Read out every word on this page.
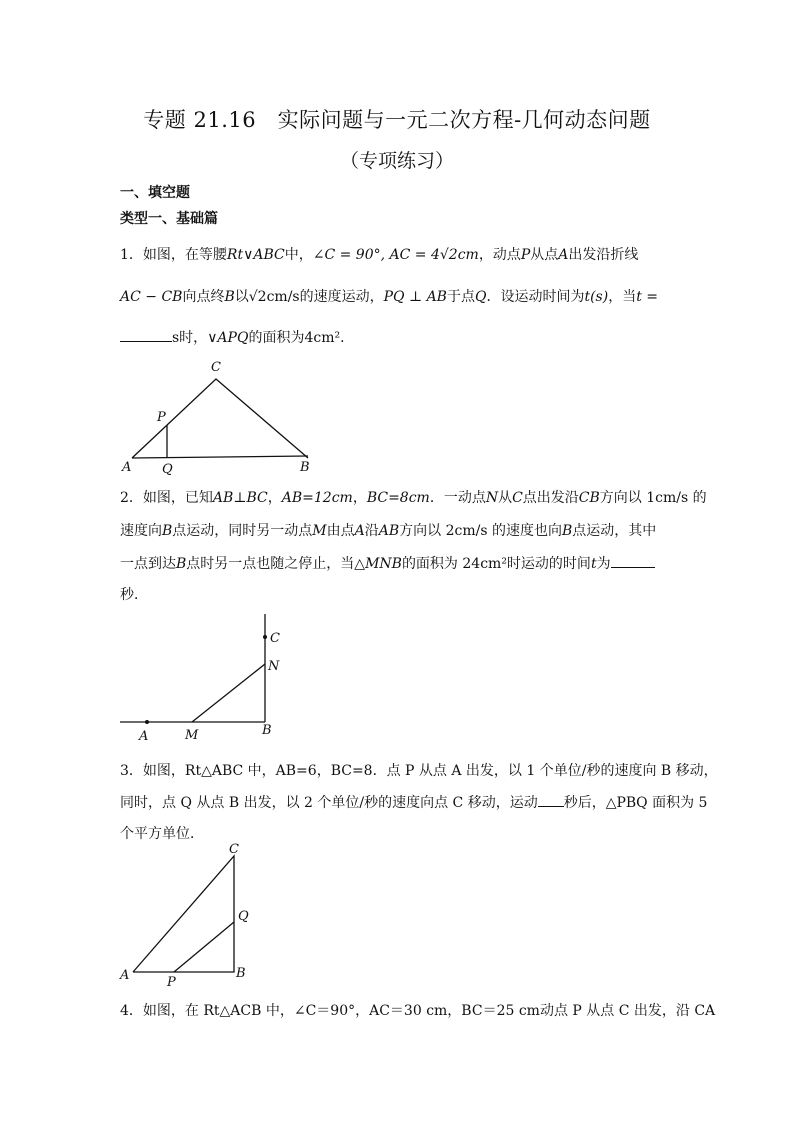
专题 21.16　实际问题与一元二次方程-几何动态问题
（专项练习）
一、填空题
类型一、基础篇
1．如图，在等腰Rt∨ABC中，∠C = 90°, AC = 4√2cm，动点P从点A出发沿折线
AC − CB向点终B以√2cm/s的速度运动，PQ ⊥ AB于点Q．设运动时间为t(s)，当t =
s时，∨APQ的面积为4cm²．
C
P
A Q	B
2．如图，已知AB⊥BC，AB=12cm，BC=8cm．一动点N从C点出发沿CB方向以 1cm/s 的
速度向B点运动，同时另一动点M由点A沿AB方向以 2cm/s 的速度也向B点运动，其中
一点到达B点时另一点也随之停止，当△MNB的面积为 24cm²时运动的时间t为
秒．
C
N
A	M	B
3．如图，Rt△ABC 中，AB=6，BC=8．点 P 从点 A 出发，以 1 个单位/秒的速度向 B 移动，
同时，点 Q 从点 B 出发，以 2 个单位/秒的速度向点 C 移动，运动 秒后，△PBQ 面积为 5
个平方单位．
C
Q
A	P
B
4．如图，在 Rt△ACB 中，∠C＝90°，AC＝30 cm，BC＝25 cm动点 P 从点 C 出发，沿 CA
